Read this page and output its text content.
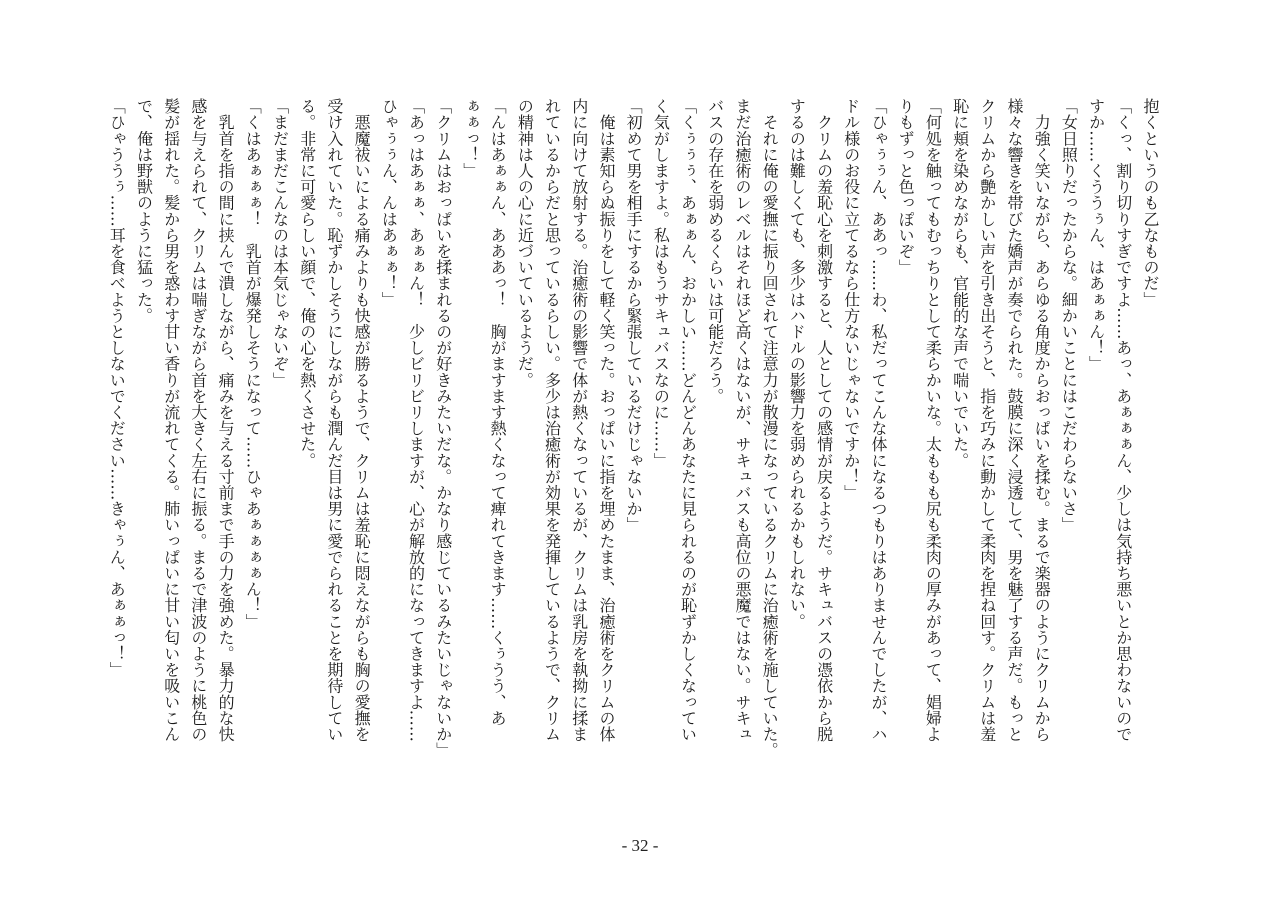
抱くというのも乙なものだ」
「くっ、割り切りすぎですよ……あっ、あぁぁぁん、少しは気持ち悪いとか思わないので
すか……くううぅん、はあぁぁん！」
「女日照りだったからな。細かいことにはこだわらないさ」
　力強く笑いながら、あらゆる角度からおっぱいを揉む。まるで楽器のようにクリムから
様々な響きを帯びた嬌声が奏でられた。鼓膜に深く浸透して、男を魅了する声だ。もっと
クリムから艶かしい声を引き出そうと、指を巧みに動かして柔肉を捏ね回す。クリムは羞
恥に頬を染めながらも、官能的な声で喘いでいた。
「何処を触ってもむっちりとして柔らかいな。太ももも尻も柔肉の厚みがあって、娼婦よ
りもずっと色っぽいぞ」
「ひゃぅぅん、ああっ……わ、私だってこんな体になるつもりはありませんでしたが、ハ
ドル様のお役に立てるなら仕方ないじゃないですか！」
　クリムの羞恥心を刺激すると、人としての感情が戻るようだ。サキュバスの憑依から脱
するのは難しくても、多少はハドルの影響力を弱められるかもしれない。
　それに俺の愛撫に振り回されて注意力が散漫になっているクリムに治癒術を施していた。
まだ治癒術のレベルはそれほど高くはないが、サキュバスも高位の悪魔ではない。サキュ
バスの存在を弱めるくらいは可能だろう。
「くぅぅぅ、あぁぁん、おかしい……どんどんあなたに見られるのが恥ずかしくなってい
く気がしますよ。私はもうサキュバスなのに……」
「初めて男を相手にするから緊張しているだけじゃないか」
　俺は素知らぬ振りをして軽く笑った。おっぱいに指を埋めたまま、治癒術をクリムの体
内に向けて放射する。治癒術の影響で体が熱くなっているが、クリムは乳房を執拗に揉ま
れているからだと思っているらしい。多少は治癒術が効果を発揮しているようで、クリム
の精神は人の心に近づいているようだ。
「んはあぁぁん、あああっ！　胸がますます熱くなって痺れてきます……くぅうう、あ
ぁぁっ！」
「クリムはおっぱいを揉まれるのが好きみたいだな。かなり感じているみたいじゃないか」
「あっはあぁぁ、あぁぁん！　少しビリビリしますが、心が解放的になってきますよ……
ひゃぅぅん、んはあぁぁ！」
　悪魔祓いによる痛みよりも快感が勝るようで、クリムは羞恥に悶えながらも胸の愛撫を
受け入れていた。恥ずかしそうにしながらも潤んだ目は男に愛でられることを期待してい
る。非常に可愛らしい顔で、俺の心を熱くさせた。
「まだまだこんなのは本気じゃないぞ」
「くはあぁぁぁ！　乳首が爆発しそうになって……ひゃあぁぁぁぁん！」
　乳首を指の間に挟んで潰しながら、痛みを与える寸前まで手の力を強めた。暴力的な快
感を与えられて、クリムは喘ぎながら首を大きく左右に振る。まるで津波のように桃色の
髪が揺れた。髪から男を惑わす甘い香りが流れてくる。肺いっぱいに甘い匂いを吸いこん
で、俺は野獣のように猛った。
「ひゃううぅ……耳を食べようとしないでください……きゃぅん、あぁぁっ！」
- 32 -
